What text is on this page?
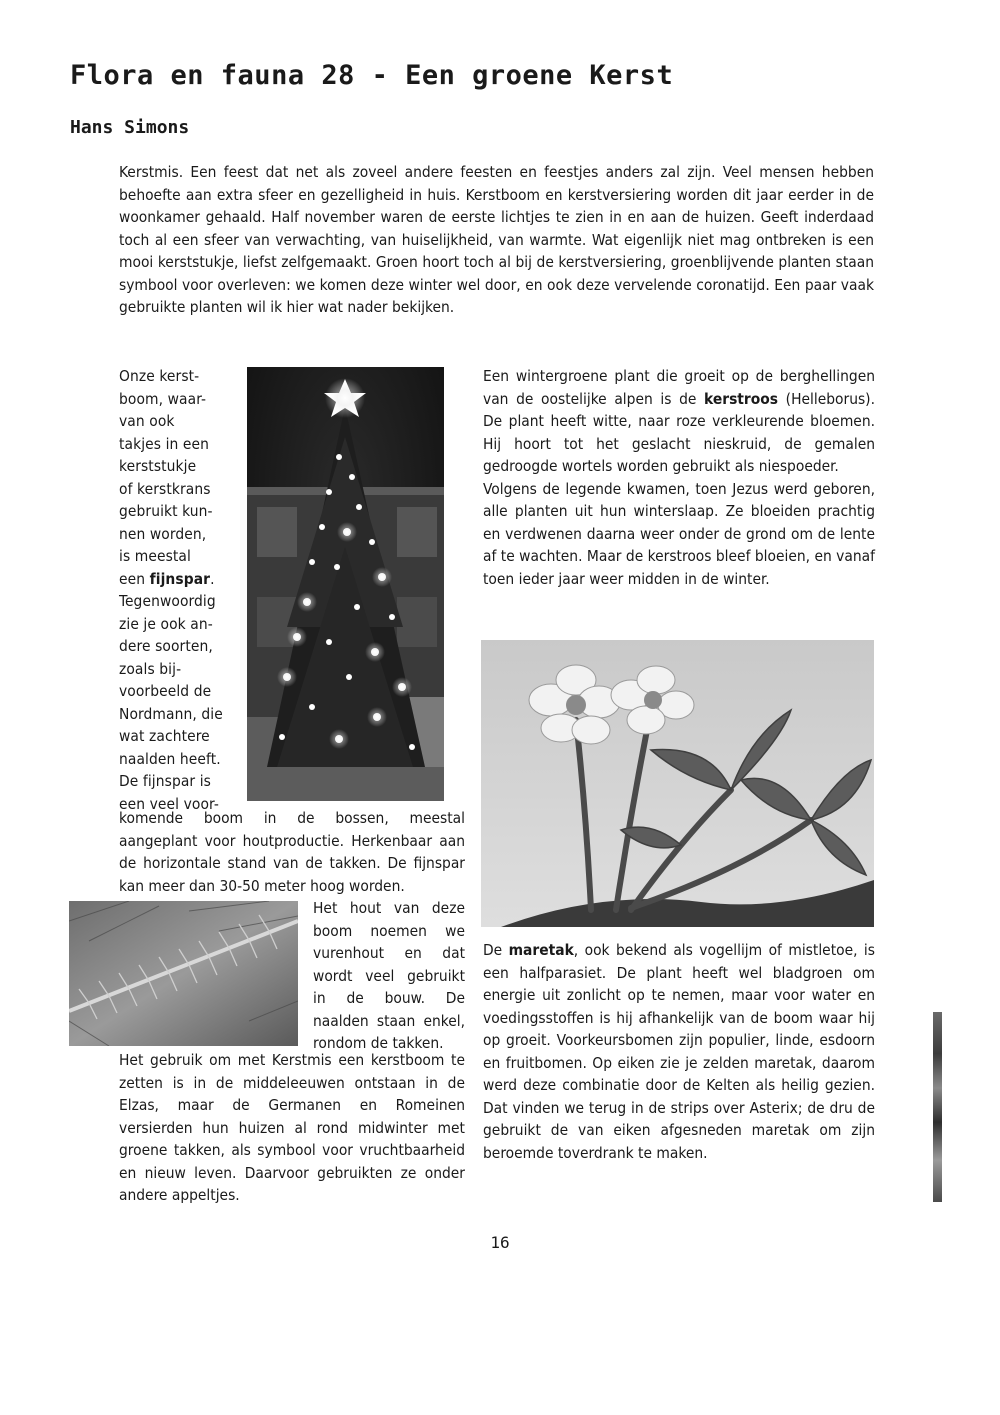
Flora en fauna 28 - Een groene Kerst
Hans Simons

Kerstmis. Een feest dat net als zoveel andere feesten en feestjes anders zal zijn. Veel mensen hebben behoefte aan extra sfeer en gezelligheid in huis. Kerstboom en kerstversiering worden dit jaar eerder in de woonkamer gehaald. Half november waren de eerste lichtjes te zien in en aan de huizen. Geeft inderdaad toch al een sfeer van verwachting, van huiselijkheid, van warmte. Wat eigenlijk niet mag ontbreken is een mooi kerststukje, liefst zelfgemaakt. Groen hoort toch al bij de kerstversiering, groenblijvende planten staan symbool voor overleven: we komen deze winter wel door, en ook deze vervelende coronatijd. Een paar vaak gebruikte planten wil ik hier wat nader bekijken.

Onze kerst-
boom, waar-
van ook
takjes in een
kerststukje
of kerstkrans
gebruikt kun-
nen worden,
is meestal
een fijnspar.
Tegenwoordig
zie je ook an-
dere soorten,
zoals bij-
voorbeeld de
Nordmann, die
wat zachtere
naalden heeft.
De fijnspar is
een veel voor-

komende boom in de bossen, meestal aangeplant voor houtproductie. Herkenbaar aan de horizontale stand van de takken. De fijnspar kan meer dan 30-50 meter hoog worden.

Het hout van deze boom noemen we vurenhout en dat wordt veel gebruikt in de bouw. De naalden staan enkel, rondom de takken.

Het gebruik om met Kerstmis een kerstboom te zetten is in de middeleeuwen ontstaan in de Elzas, maar de Germanen en Romeinen versierden hun huizen al rond midwinter met groene takken, als symbool voor vruchtbaarheid en nieuw leven. Daarvoor gebruikten ze onder andere appeltjes.

Een wintergroene plant die groeit op de berghellingen van de oostelijke alpen is de kerstroos (Helleborus). De plant heeft witte, naar roze verkleurende bloemen. Hij hoort tot het geslacht nieskruid, de gemalen gedroogde wortels worden gebruikt als niespoeder.

Volgens de legende kwamen, toen Jezus werd geboren, alle planten uit hun winterslaap. Ze bloeiden prachtig en verdwenen daarna weer onder de grond om de lente af te wachten. Maar de kerstroos bleef bloeien, en vanaf toen ieder jaar weer midden in de winter.

De maretak, ook bekend als vogellijm of mistletoe, is een halfparasiet. De plant heeft wel bladgroen om energie uit zonlicht op te nemen, maar voor water en voedingsstoffen is hij afhankelijk van de boom waar hij op groeit. Voorkeursbomen zijn populier, linde, esdoorn en fruitbomen. Op eiken zie je zelden maretak, daarom werd deze combinatie door de Kelten als heilig gezien. Dat vinden we terug in de strips over Asterix; de dru de gebruikt de van eiken afgesneden maretak om zijn beroemde toverdrank te maken.

16
